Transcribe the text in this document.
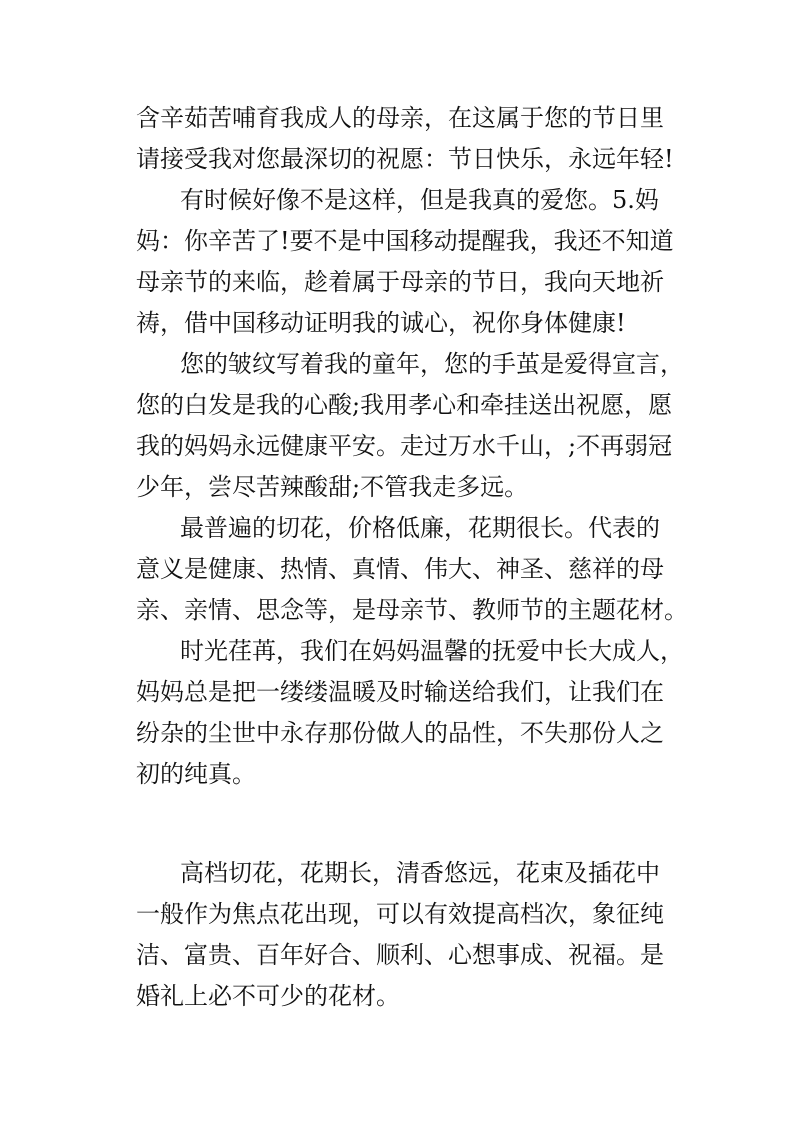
含辛茹苦哺育我成人的母亲，在这属于您的节日里
请接受我对您最深切的祝愿：节日快乐，永远年轻!
有时候好像不是这样，但是我真的爱您。5.妈
妈：你辛苦了!要不是中国移动提醒我，我还不知道
母亲节的来临，趁着属于母亲的节日，我向天地祈
祷，借中国移动证明我的诚心，祝你身体健康!
您的皱纹写着我的童年，您的手茧是爱得宣言，
您的白发是我的心酸;我用孝心和牵挂送出祝愿，愿
我的妈妈永远健康平安。走过万水千山，;不再弱冠
少年，尝尽苦辣酸甜;不管我走多远。
最普遍的切花，价格低廉，花期很长。代表的
意义是健康、热情、真情、伟大、神圣、慈祥的母
亲、亲情、思念等，是母亲节、教师节的主题花材。
时光荏苒，我们在妈妈温馨的抚爱中长大成人，
妈妈总是把一缕缕温暖及时输送给我们，让我们在
纷杂的尘世中永存那份做人的品性，不失那份人之
初的纯真。
高档切花，花期长，清香悠远，花束及插花中
一般作为焦点花出现，可以有效提高档次，象征纯
洁、富贵、百年好合、顺利、心想事成、祝福。是
婚礼上必不可少的花材。
